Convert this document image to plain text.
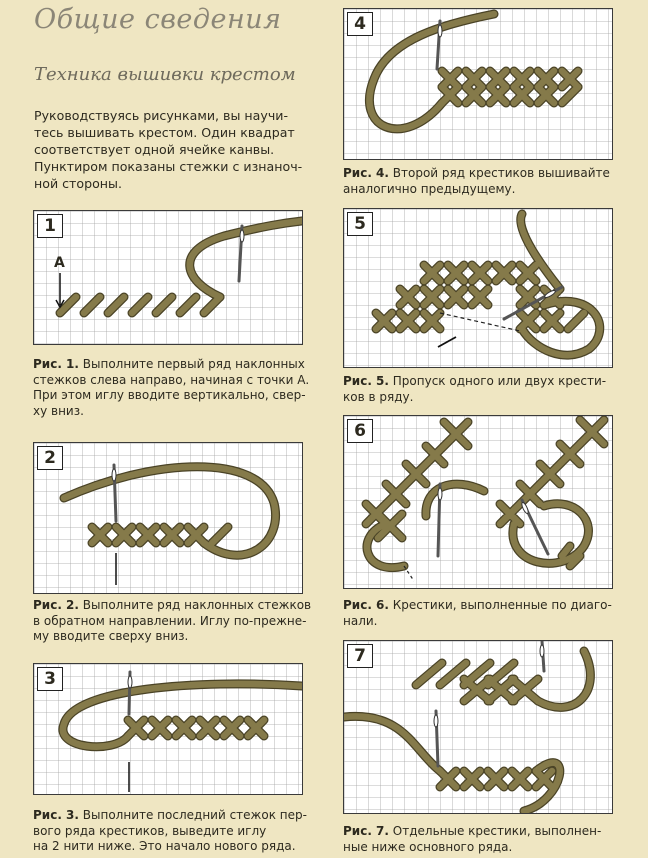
Общие сведения
Техника вышивки крестом
Руководствуясь рисунками, вы научи-
тесь вышивать крестом. Один квадрат
соответствует одной ячейке канвы.
Пунктиром показаны стежки с изнаноч-
ной стороны.
1
А
Рис. 1. Выполните первый ряд наклонных
стежков слева направо, начиная с точки А.
При этом иглу вводите вертикально, свер-
ху вниз.
2
Рис. 2. Выполните ряд наклонных стежков
в обратном направлении. Иглу по-прежне-
му вводите сверху вниз.
3
Рис. 3. Выполните последний стежок пер-
вого ряда крестиков, выведите иглу
на 2 нити ниже. Это начало нового ряда.
4
Рис. 4. Второй ряд крестиков вышивайте
аналогично предыдущему.
5
Рис. 5. Пропуск одного или двух крести-
ков в ряду.
6
Рис. 6. Крестики, выполненные по диаго-
нали.
7
Рис. 7. Отдельные крестики, выполнен-
ные ниже основного ряда.
